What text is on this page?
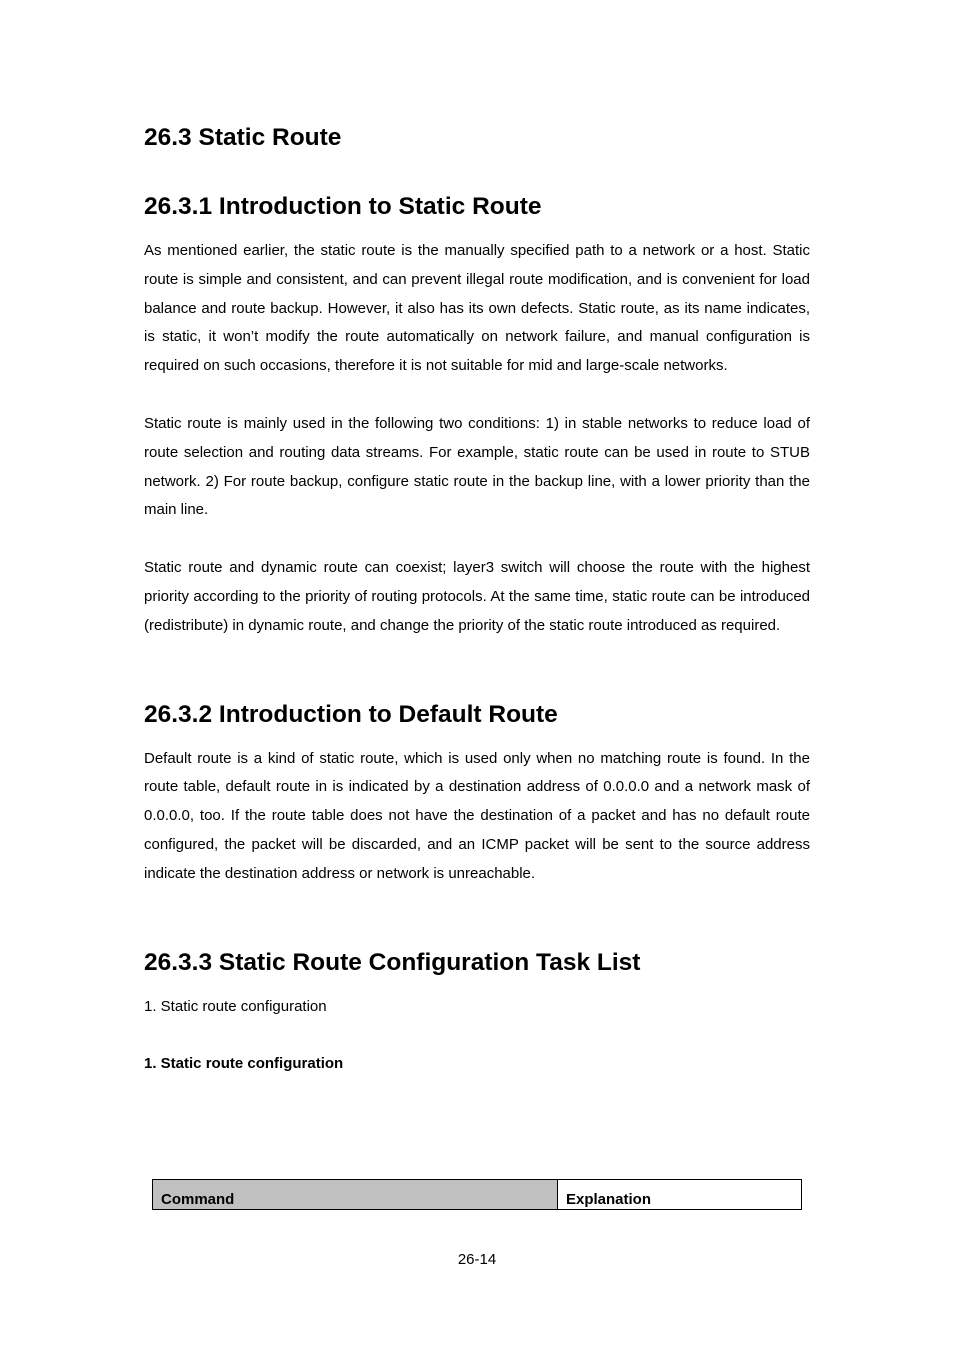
26.3 Static Route
26.3.1 Introduction to Static Route

As mentioned earlier, the static route is the manually specified path to a network or a host. Static route is simple and consistent, and can prevent illegal route modification, and is convenient for load balance and route backup. However, it also has its own defects. Static route, as its name indicates, is static, it won’t modify the route automatically on network failure, and manual configuration is required on such occasions, therefore it is not suitable for mid and large-scale networks.

Static route is mainly used in the following two conditions: 1) in stable networks to reduce load of route selection and routing data streams. For example, static route can be used in route to STUB network. 2) For route backup, configure static route in the backup line, with a lower priority than the main line.

Static route and dynamic route can coexist; layer3 switch will choose the route with the highest priority according to the priority of routing protocols. At the same time, static route can be introduced (redistribute) in dynamic route, and change the priority of the static route introduced as required.

26.3.2 Introduction to Default Route

Default route is a kind of static route, which is used only when no matching route is found. In the route table, default route in is indicated by a destination address of 0.0.0.0 and a network mask of 0.0.0.0, too. If the route table does not have the destination of a packet and has no default route configured, the packet will be discarded, and an ICMP packet will be sent to the source address indicate the destination address or network is unreachable.

26.3.3 Static Route Configuration Task List

1. Static route configuration

1. Static route configuration

Command	Explanation
26-14
